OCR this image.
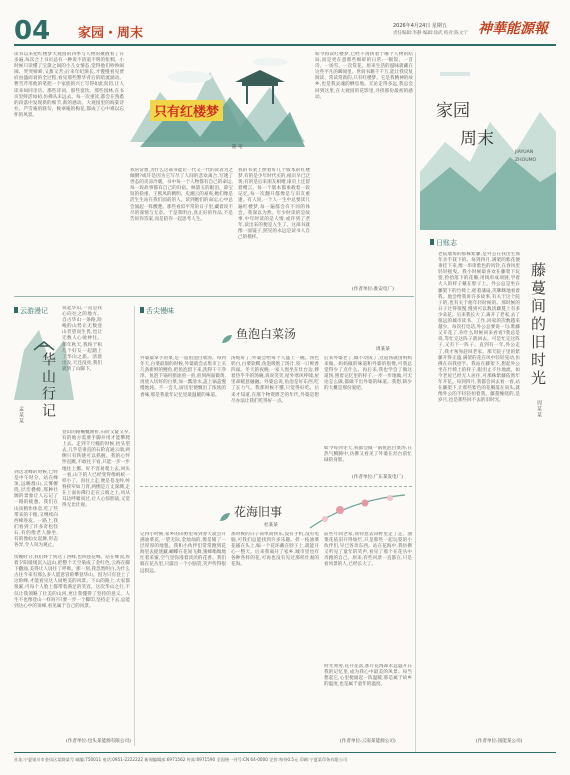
04 家园・周末	2026年4月24日 星期五
责任编辑:李静 编辑:徐武 校对:陈文宁 神華能源報
只有红楼梦
随 笔
读书以来把红楼梦大观园的四季与人物的聚散看了许多遍,每次合上书页总有一种说不清道不明的怅惘。小时候只读懂了宝黛之间的小儿女情态,觉得他们吵吵闹闹、哭哭啼啼,又甜又苦;后来年纪渐长,才慢慢看见贾府由盛而衰的全过程,看见那些繁华背后的暗流涌动。曹雪芹用他的笔把一个家族的兴亡写得如此真切,让人读来如同亲历。那些诗词、那些宴饮、那些园林,在书页里鲜活如初,仿佛从未远去。每一次重读,都会在熟悉的段落中发现新的细节,新的感动。大观园里的海棠诗社、芦雪庵的联句、栊翠庵的梅花,都成了心中难以忘怀的风景。
我常常想,为什么这部书能让一代又一代的读者为之倾倒?或许是因为它写尽了人间的悲欢离合,写透了世态的炎凉冷暖。书中每一个人物都有自己的命运,每一段故事都有自己的归宿。林黛玉的眼泪、薛宝钗的稳重、王熙凤的精明、史湘云的豪爽,她们像是活生生站在我们面前的人。读到她们的命运,心中总会涌起一阵酸楚。那些看似平常的日子里,藏着说不尽的深情与无奈。于是我明白,真正好的作品,不是告诉你答案,而是陪你一起思考人生。
我的书架上摆着好几个版本的红楼梦,有的是少年时代买的,纸页早已泛黄;有的是后来朋友相赠,扉页上还留着赠言。每一个版本都承载着一段记忆,每一次翻开都像是与旧友重逢。有人说,一个人一生中总要读几遍红楼梦,每一遍都会有不同的体会。我深以为然。年少时读的是故事,中年时读的是人情,或许到了老年,读出来的便是人生了。这部书就像一面镜子,照见的永远是读书人自己的模样。
如今再读红楼梦,已经不再执着于哪个人物的结局,而是更在意那些细碎的日常:一顿饭、一首诗、一场雪、一次赏花。原来生活的滋味就藏在这些平凡的瞬间里。世间书籍千千万,能让我反复阅读、常读常新的,只有红楼梦。它是我精神的故乡,也是我灵魂的栖息地。无论走得多远,我总会回到这里,在大观园的花影里,寻找那份最初的感动。
(作者单位:淮安电厂)
家园
周末
JIAYUAN
ZHOUMO
日账志
老院墙角的那株紫藤,是外公在我出生那年亲手栽下的。每到四月,满架的紫花便垂挂下来,像一串串紫色的风铃,在春风里轻轻摇曳。我小时候最喜欢在藤架下玩耍,捡拾落下的花瓣,用线串成项链,学着大人的样子戴在脖子上。外公总是坐在藤架下的竹椅上,摇着蒲扇,笑眯眯地看着我。他会给我讲许多故事,有关于这个院子的,也有关于他年轻时候的。那时候的日子过得很慢,慢到可以数清藤蔓上有多少朵花。后来我长大了,离开了老家,去了很远的城市读书、工作,回家的次数越来越少。每次打电话,外公总要说一句:紫藤又开花了,你什么时候回来看看?我总是说,等忙完这阵子就回去。可是忙完这阵子,又有下一阵子。直到有一年,外公走了,我才匆匆赶回老家。那天院子里的紫藤开得正盛,满架的花在风中轻轻晃动,仿佛在向我招手。我站在藤架下,想起外公坐在竹椅上的样子,眼泪止不住地流。如今老屋已经无人居住,可那株紫藤依然年年开花。每到四月,我都会回去看一看,站在藤架下,让那些紫色的花瓣落在肩头,就像外公的手轻轻拍着我。藤蔓缠绕的,是岁月,也是那些回不去的旧时光。
藤蔓间的旧时光
周某某
(作者单位:国能某公司)
云游漫记
华山行记
孟某某
说起华山,一直是我心向往之的地方。自古华山一条路,险峻的山势让无数登山者望而生畏,也让无数人心驰神往。那年秋天,我终于和几个好友一起踏上了华山之旅。清晨出发,天还没亮,我们就到了山脚下。
登山的路蜿蜒曲折,石阶又陡又窄,有的地方需要手脚并用才能攀爬上去。走到千尺幢的时候,抬头望去,几乎是垂直的石阶直通云端,两侧只有铁链可以抓握。我的心怦怦直跳,不敢往下看,只能一步一步地往上挪。好不容易爬上去,回头一看,山下的人已经变得像蚂蚁一样小了。再往上走,便是苍龙岭,岭脊狭窄如刀背,两侧是万丈深渊,走在上面仿佛行走在云端之上,风从耳边呼啸而过,让人心惊胆战,又觉得无比壮观。
到达北峰的时候,已经是中午时分。站在峰顶,远眺群山,云雾缭绕,层峦叠嶂,那种壮阔的景象让人忘记了一路的疲惫。我们在山顶稍作休息,吃了些带来的干粮,又继续向西峰进发。一路上,我们看到了许多奇松怪石,有的像老人静坐,有的像仙女起舞,形态各异,令人叹为观止。
傍晚时分,我们终于到达了西峰,也叫莲花峰。站在峰顶,看着夕阳缓缓沉入远山,把整个天空染成了金红色,云海在脚下翻涌,美得让人屏住了呼吸。那一刻,我忽然明白,为什么古往今来有那么多人愿意冒险攀登华山。因为只有登上了这险峰,才能看见这人间绝美的风景。下山的路上,大家都很累,可每个人脸上都带着满足的笑容。这次华山之行,不仅让我领略了壮美的山河,更让我懂得了坚持的意义。人生不也像登山一样吗?只要一步一个脚印,坚持走下去,总能到达心中的顶峰,看见属于自己的风景。
(作者单位:包头某能源有限公司)
舌尖慢味
鱼泡白菜汤
周某某
外婆最拿手的菜,是一道鱼泡白菜汤。每到冬天,白菜最甜的时候,外婆就会去集市上买几条新鲜的鲤鱼,把鱼泡留下来,洗得干干净净。鱼泡下锅用猪油煎一煎,煎到两面微黄,再放入切好的白菜,加一瓢清水,盖上锅盖慢慢地炖。不一会儿,厨房里便飘出了浓浓的香味,那是我童年记忆里最温暖的味道。
汤炖好了,外婆会给每个人盛上一碗。汤色奶白,白菜软糯,鱼泡吸饱了汤汁,咬一口鲜香四溢。冬天的夜晚,一家人围坐在灶台边,捧着热乎乎的汤碗,说说笑笑,屋外寒风呼啸,屋里却暖意融融。外婆总说,鱼泡是好东西,吃了长力气。我那时候不懂,只觉得好吃。后来才知道,在那个物资匮乏的年代,外婆是想尽办法让我们吃得好一点。
后来外婆老了,做不动饭了,这道汤就由妈妈来做。妈妈做的味道和外婆的很像,可我总觉得少了点什么。再后来,我也学会了做这道汤,照着记忆里的样子,一步一步地做,可无论怎么做,都做不出外婆的味道。我想,缺少的大概是那份爱吧。
如今每到冬天,我都会做一锅鱼泡白菜汤,在热气腾腾中,仿佛又看见了外婆在灶台前忙碌的身影。
(作者单位:广东某发电厂)
花海旧事
杜某某
记得小时候,家乡的田野里每到春天就会开满油菜花,一望无际,金灿灿的,像是铺了一层厚厚的地毯。我和小伙伴们常常跑到花海里去捉迷藏,蝴蝶在花间飞舞,蜜蜂嗡嗡地忙着采蜜,空气里弥漫着淡淡的花香。我们躲在花丛里,只露出一个小脑袋,笑声传得很远很远。
那时候的日子简单而快乐,没有手机,没有电脑,可我们总能找到许多乐趣。折一枝油菜花插在头上,编一个花环戴在脖子上,就能开心一整天。后来我离开了家乡,城市里也有各种各样的花,可再也没有见过那样壮观的花海。
前些年回老家,我特意去田野里走了走。油菜花依旧开得灿烂,只是那些一起玩耍的小伙伴们,早已各奔东西。站在花海中,我仿佛又听见了童年的笑声,看见了那个在花丛中奔跑的自己。原来,有些风景一直都在,只是看风景的人,已经长大了。
时光匆匆,花开花落,那片花海却永远盛开在我的记忆里,成为我心中最美的风景。每当想起它,心里便涌起一阵温暖,那是属于故乡的温度,也是属于童年的温度。
(作者单位:云南某能源公司)
社址:宁夏银川市金凤区某路某号 邮编:750011 电话:0951-2222222 新闻编辑部:6971562 传真:6971590 全国统一刊号:CN 64-0000 定价:每份0.5元 印刷:宁夏某印务有限公司
